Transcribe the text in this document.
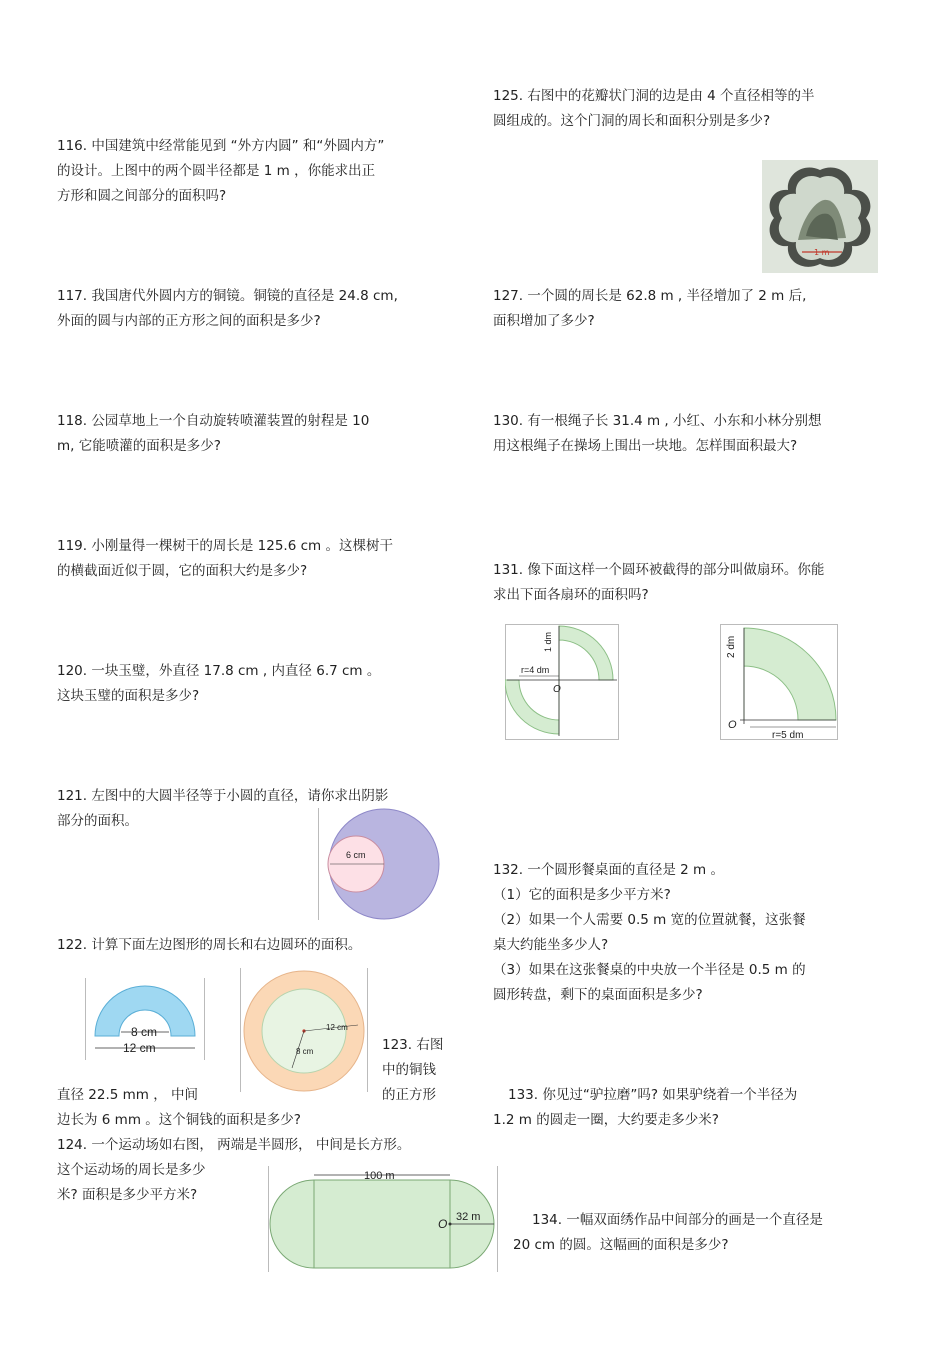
125. 右图中的花瓣状门洞的边是由 4 个直径相等的半
圆组成的。这个门洞的周长和面积分别是多少?
1 m
116. 中国建筑中经常能见到 “外方内圆” 和“外圆内方”
的设计。上图中的两个圆半径都是 1 m ，你能求出正
方形和圆之间部分的面积吗?
117. 我国唐代外圆内方的铜镜。铜镜的直径是 24.8 cm,
外面的圆与内部的正方形之间的面积是多少?
127. 一个圆的周长是 62.8 m , 半径增加了 2 m 后,
面积增加了多少?
118. 公园草地上一个自动旋转喷灌装置的射程是 10
m, 它能喷灌的面积是多少?
130. 有一根绳子长 31.4 m , 小红、小东和小林分别想
用这根绳子在操场上围出一块地。怎样围面积最大?
119. 小刚量得一棵树干的周长是 125.6 cm 。这棵树干
的横截面近似于圆，它的面积大约是多少?	131. 像下面这样一个圆环被截得的部分叫做扇环。你能
求出下面各扇环的面积吗?
r=4 dm
O
1 dm
O
r=5 dm
2 dm
120. 一块玉璧，外直径 17.8 cm , 内直径 6.7 cm 。
这块玉璧的面积是多少?
121. 左图中的大圆半径等于小圆的直径，请你求出阴影
部分的面积。
6 cm
132. 一个圆形餐桌面的直径是 2 m 。
（1）它的面积是多少平方米?
（2）如果一个人需要 0.5 m 宽的位置就餐，这张餐
桌大约能坐多少人?
（3）如果在这张餐桌的中央放一个半径是 0.5 m 的
圆形转盘，剩下的桌面面积是多少?
122. 计算下面左边图形的周长和右边圆环的面积。
8 cm
12 cm
12 cm
8 cm	123. 右图
中的铜钱
的正方形
直径 22.5 mm ， 中间
边长为 6 mm 。这个铜钱的面积是多少?
133. 你见过“驴拉磨”吗? 如果驴绕着一个半径为
1.2 m 的圆走一圈，大约要走多少米?
124. 一个运动场如右图， 两端是半圆形， 中间是长方形。
这个运动场的周长是多少
米? 面积是多少平方米?
100 m
32 m
O	134. 一幅双面绣作品中间部分的画是一个直径是
20 cm 的圆。这幅画的面积是多少?
